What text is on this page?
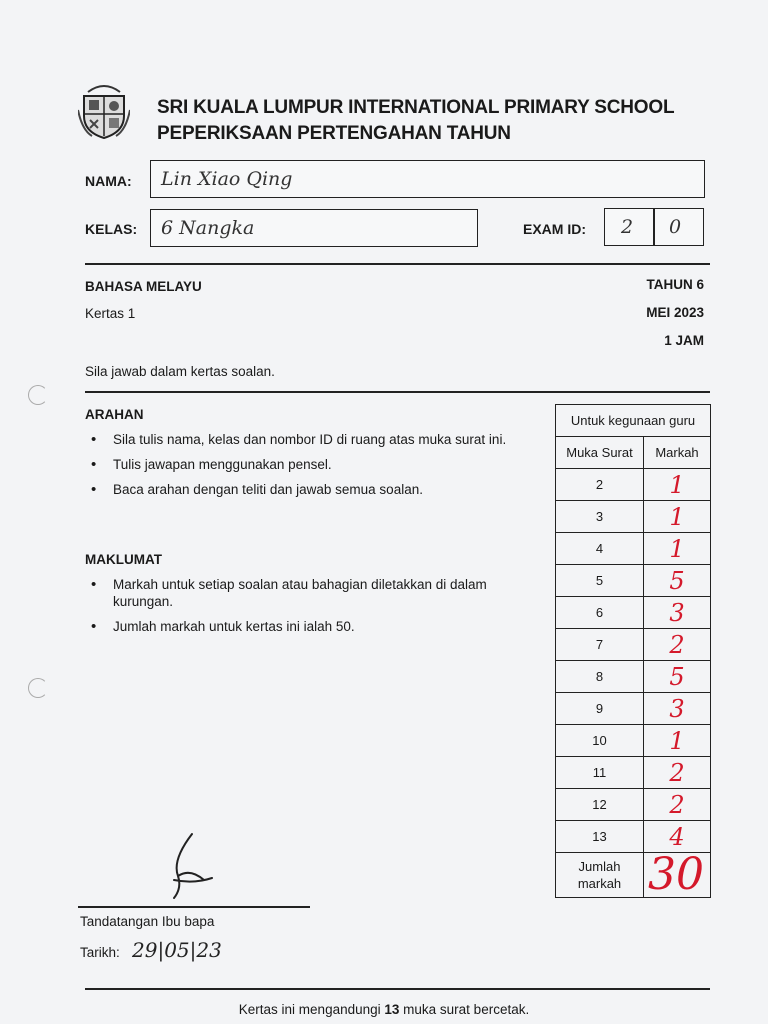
SRI KUALA LUMPUR INTERNATIONAL PRIMARY SCHOOL
PEPERIKSAAN PERTENGAHAN TAHUN
NAMA: Lin Xiao Qing
KELAS: 6 Nangka	EXAM ID: 2 0
BAHASA MELAYU
Kertas 1
TAHUN 6
MEI 2023
1 JAM
Sila jawab dalam kertas soalan.
ARAHAN
• Sila tulis nama, kelas dan nombor ID di ruang atas muka surat ini.
• Tulis jawapan menggunakan pensel.
• Baca arahan dengan teliti dan jawab semua soalan.
MAKLUMAT
• Markah untuk setiap soalan atau bahagian diletakkan di dalam kurungan.
• Jumlah markah untuk kertas ini ialah 50.
Untuk kegunaan guru	
Muka Surat	Markah
2	1
3	1
4	1
5	5
6	3
7	2
8	5
9	3
10	1
11	2
12	2
13	4
Jumlah markah	30
Tandatangan Ibu bapa
Tarikh: 29|05|23
Kertas ini mengandungi 13 muka surat bercetak.
